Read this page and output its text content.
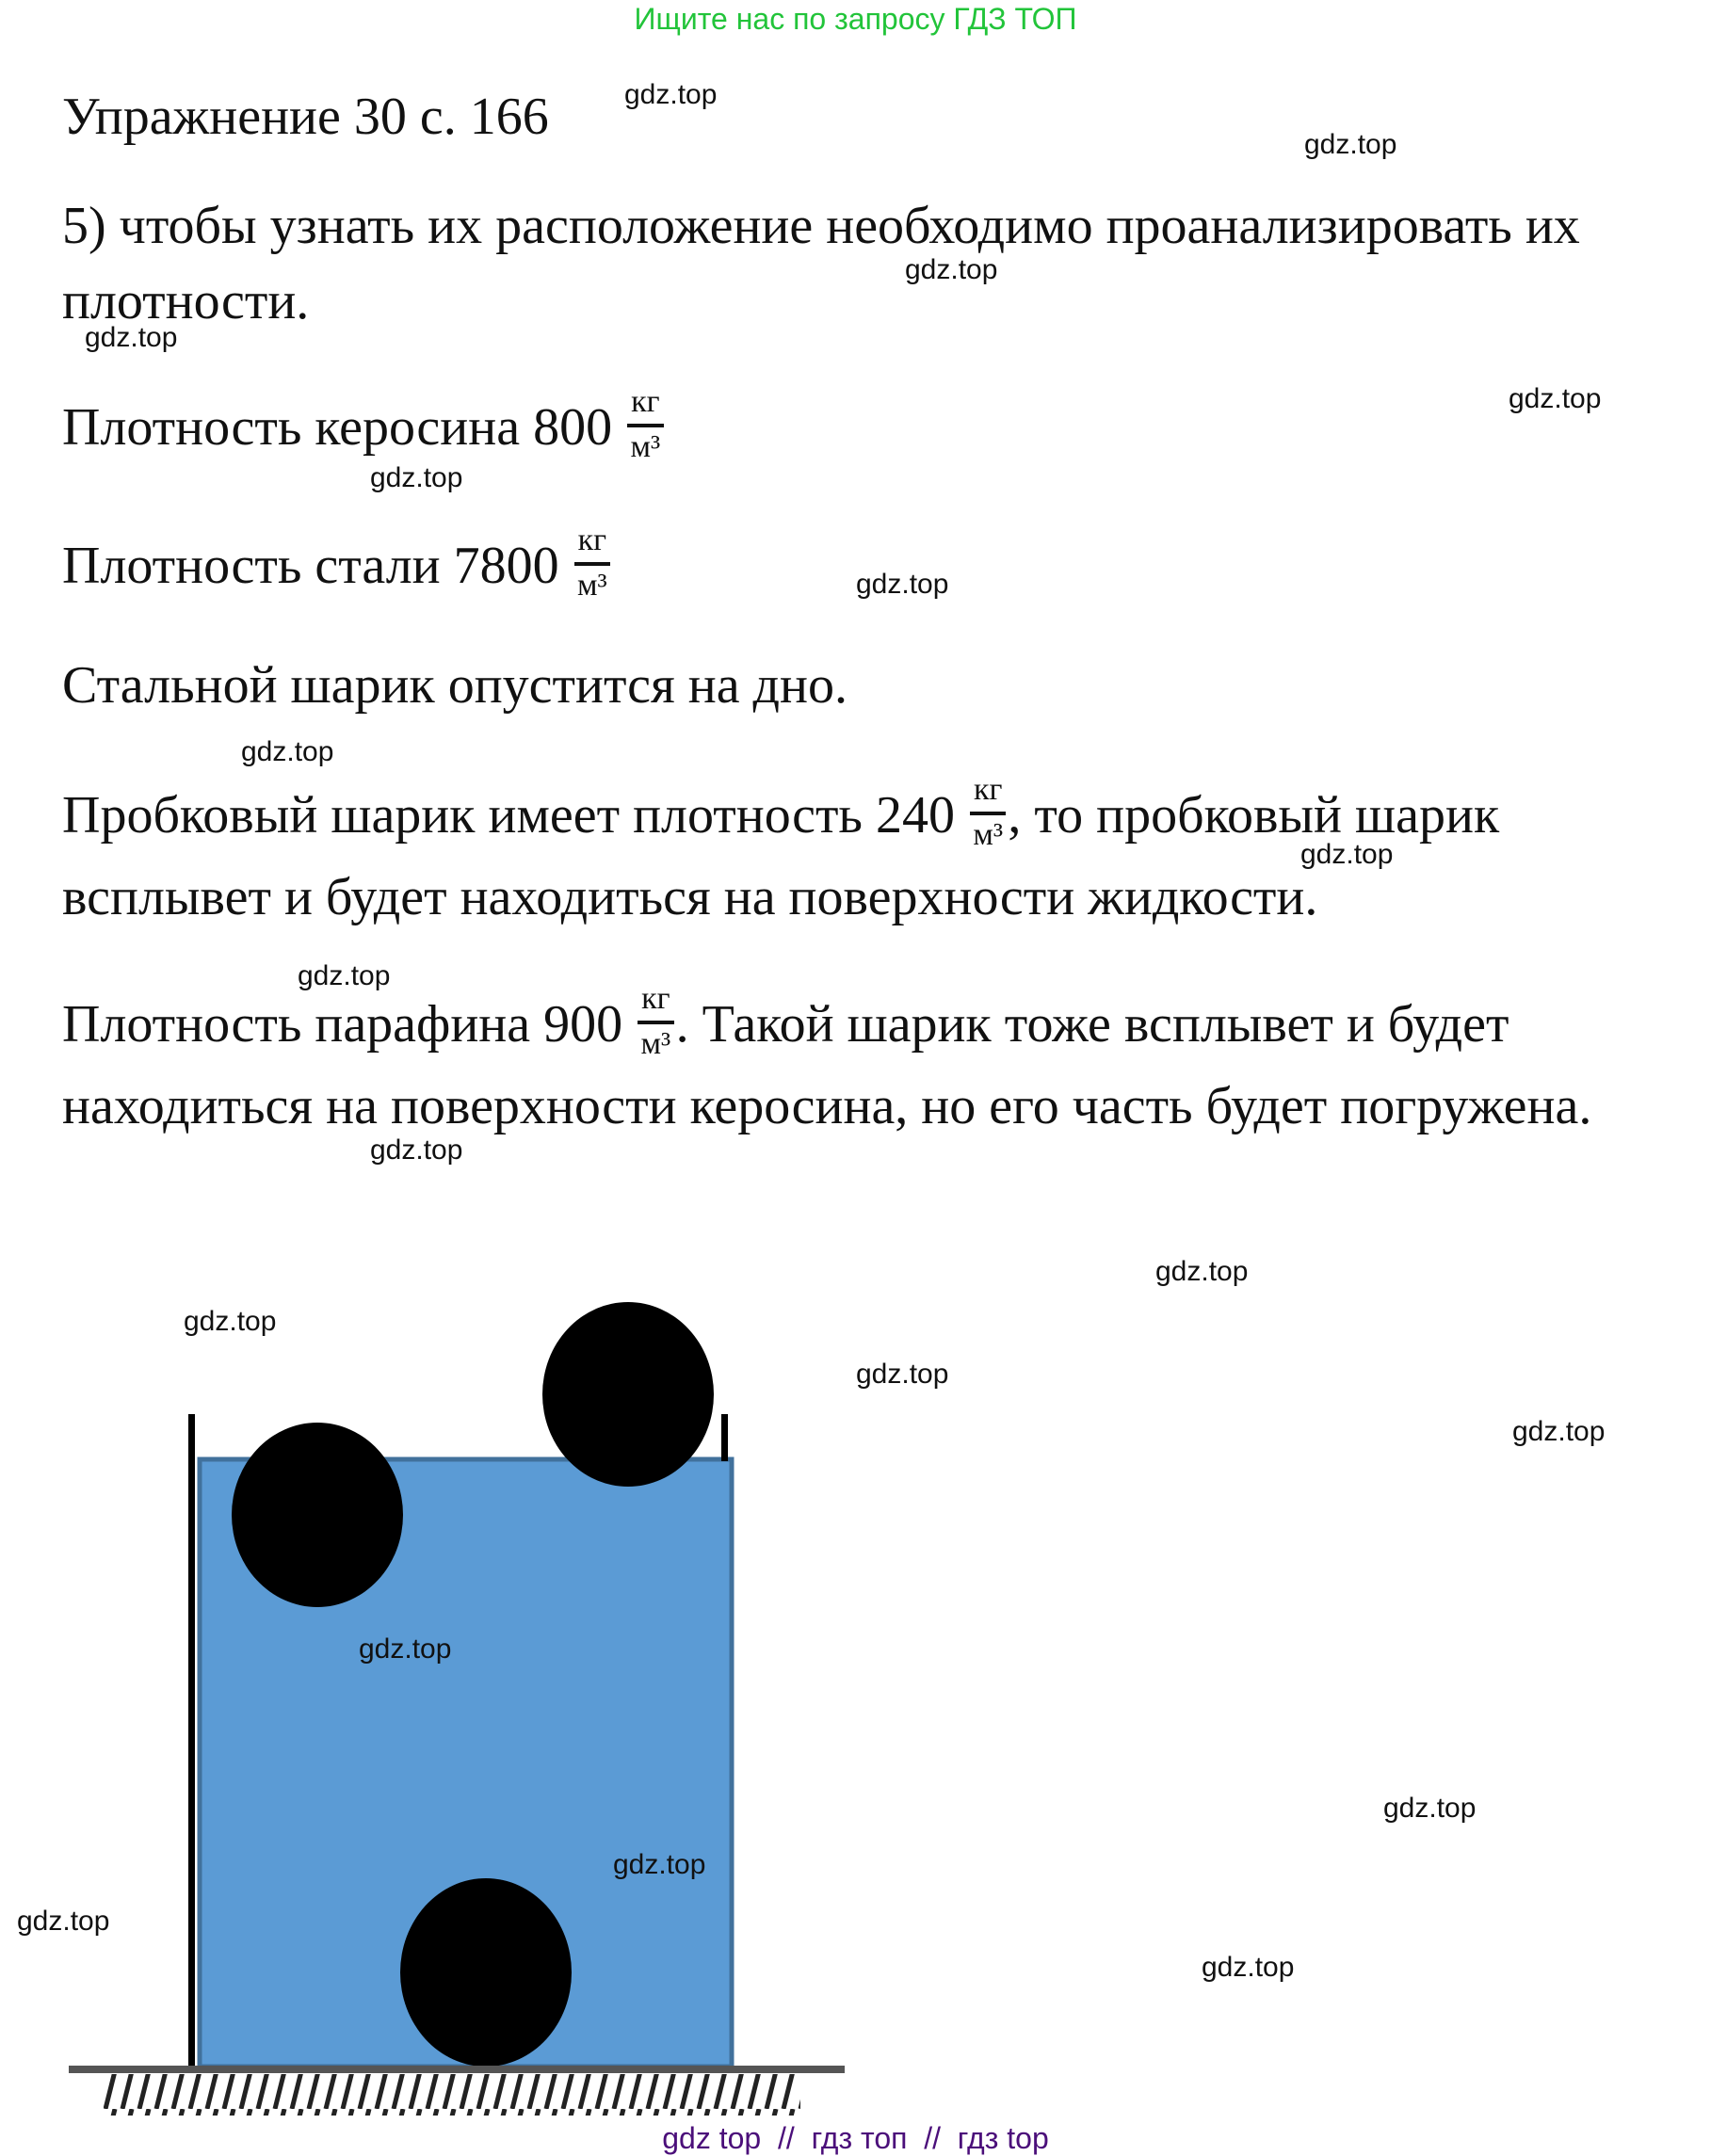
Ищите нас по запросу ГДЗ ТОП
Упражнение 30 с. 166
5) чтобы узнать их расположение необходимо проанализировать их
плотности.
Плотность керосина $800 \frac{кг}{\text{м³}}$
Плотность стали $7800 \frac{кг}{\text{м³}}$
Стальной шарик опустится на дно.
Пробковый шарик имеет плотность $240 \frac{кг}{\text{м³}}$ , то пробковый шарик
всплывет и будет находиться на поверхности жидкости.
Плотность парафина $900 \frac{кг}{\text{м³}}$ . Такой шарик тоже всплывет и будет
находиться на поверхности керосина, но его часть будет погружена.
gdz.top
gdz.top
gdz.top
gdz.top
gdz.top
gdz.top
gdz.top
gdz.top
gdz.top
gdz.top
gdz.top
gdz.top
gdz.top
gdz.top
gdz.top
gdz.top
gdz.top
gdz.top
gdz.top
gdz.top
gdz top  //  гдз топ  //  гдз top
